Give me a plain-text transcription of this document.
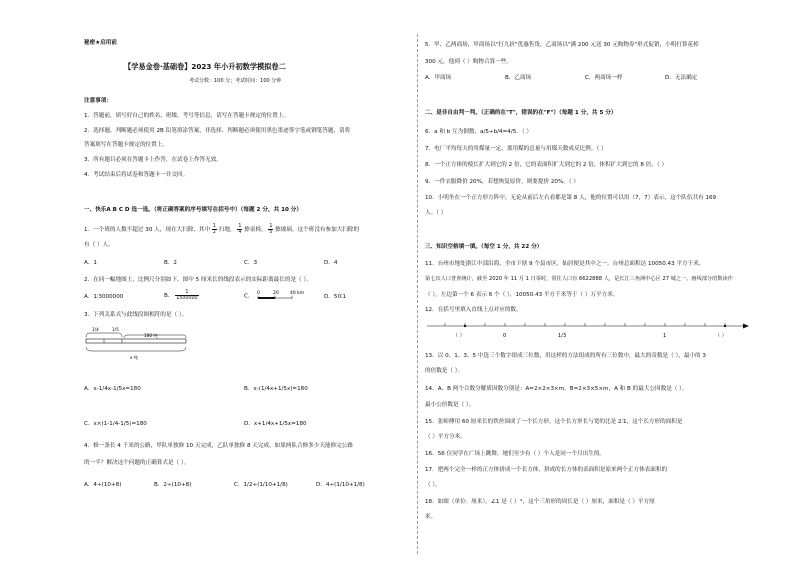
秘密★启用前
【学易金卷·基础卷】2023 年小升初数学模拟卷二
考试分数：100 分；考试时间：100 分钟
注意事项：
1．答题前，填写好自己的姓名、班级、考号等信息，请写在答题卡规定的位置上。
2．选择题、判断题必须使用 2B 铅笔填涂答案，非选择、判断题必须使用黑色墨迹签字笔或钢笔答题，请将
答案填写在答题卡规定的位置上。
3．所有题目必须在答题卡上作答，在试卷上作答无效。
4．考试结束后将试卷和答题卡一并交回。
一、快乐A B C D 选一选。（将正确答案的序号填写在括号中）（每题 2 分，共 10 分）
1．一个班的人数不超过 30 人，现在大扫除，其中 $\frac{1}{2}$ 扫地， $\frac{1}{4}$ 擦桌椅， $\frac{1}{5}$ 擦玻璃。这个班没有参加大扫除的
有（ ）人。
A．1	B．2	C．3	D．4
2．在同一幅地图上，比例尺分别如下，图中 5 厘米长的线段表示的实际距离最长的是（ ）。
A．1∶3000000	B． $\frac{1}{1500000}$	C． 0	20	40 km
D．50∶1
3．下列关系式与此线段图相符的是（ ）。
1/4	1/5
180 吨
x 吨
A．x-1/4x-1/5x=180	B．x-(1/4x+1/5x)=180
C．x×(1-1/4-1/5)=180	D．x+1/4x+1/5x=180
4．修一条长 4 千米的公路，甲队单独修 10 天完成，乙队单独修 8 天完成。如果两队合修多少天能修完公路
的一半？解决这个问题的正确算式是（ ）。
A．4÷(10+8)	B．2÷(10+8)	C．1/2÷(1/10+1/8)	D．4÷(1/10+1/8)
5．甲、乙两商场，甲商场以"打九折"优惠售货，乙商场以"满 200 元送 30 元购物券"形式促销，小明打算花掉
300 元，他到（ ）购物合算一些。
A．甲商场	B．乙商场	C．两商场一样	D．无法确定
二、是非自由判一判。（正确的在"T"，错误的在"F"）（每题 1 分，共 5 分）
6．a 和 b 互为倒数，a/5÷b/4=4/5．（ ）
7．电厂平均每天的用煤量一定，那用煤的总量与用煤天数成反比例。（ ）
8．一个正方体的棱长扩大到它的 2 倍，它的表面积扩大到它的 2 倍，体积扩大到它的 8 倍。（ ）
9．一件衣服降价 20%，若想恢复原价，则要提价 20%。（ ）
10．小明坐在一个正方形方阵中，无论从前后左右看都是第 8 人，他的位置可以用（7，7）表示，这个队伍共有 169
人。（ ）
三、知识空格填一填。（每空 1 分，共 22 分）
11．台州市地处浙江中部沿海，全市下辖 9 个县市区，仙居便是其中之一。台州总面积达 10050.43 平方千米，
第七次人口普查统计，截至 2020 年 11 月 1 日零时，常住人口有 6622888 人，是长江三角洲中心区 27 城之一。画线部分的数读作
（ ），左边第一个 6 表示 6 个（ ），10050.43 平方千米等于（ ）万平方米。
12．在括号里填入直线上点对应的数。
（ ）	0	1/3	1	（ ）
13．以 0、1、3、5 中选三个数字组成三位数，用这样的方法组成的所有三位数中，最大的奇数是（ ），最小的 3
的倍数是（ ）。
14．A、B 两个合数分解质因数分别是：A=2×2×3×m，B=2×3×5×m，A 和 B 的最大公因数是（ ），
最小公倍数是（ ）。
15．张师傅用 60 厘米长的铁丝围成了一个长方形，这个长方形长与宽的比是 2∶1，这个长方形的面积是
（ ）平方分米。
16．56 位同学在广场上跳舞，她们至少有（ ）个人是同一个月出生的。
17．把两个完全一样的正方体拼成一个长方体，拼成的长方体的表面积是原来两个正方体表面积的
（ ）。
18．如图（单位：厘米），∠1 是（ ）°，这个三角形的周长是（ ）厘米，面积是（ ）平方厘
米。
